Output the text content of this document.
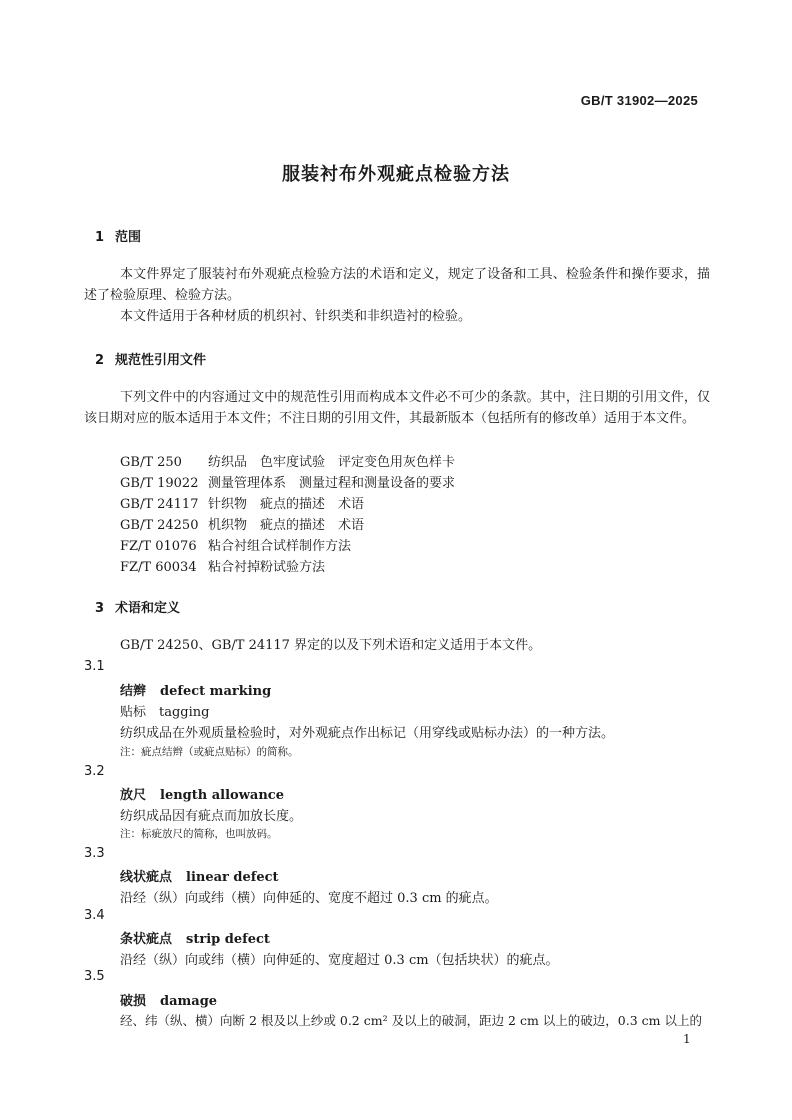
GB/T 31902—2025
服装衬布外观疵点检验方法
1 范围
本文件界定了服装衬布外观疵点检验方法的术语和定义，规定了设备和工具、检验条件和操作要求，描述了检验原理、检验方法。
本文件适用于各种材质的机织衬、针织类和非织造衬的检验。
2 规范性引用文件
下列文件中的内容通过文中的规范性引用而构成本文件必不可少的条款。其中，注日期的引用文件，仅该日期对应的版本适用于本文件；不注日期的引用文件，其最新版本（包括所有的修改单）适用于本文件。
GB/T 250 纺织品　色牢度试验　评定变色用灰色样卡
GB/T 19022 测量管理体系　测量过程和测量设备的要求
GB/T 24117 针织物　疵点的描述　术语
GB/T 24250 机织物　疵点的描述　术语
FZ/T 01076 粘合衬组合试样制作方法
FZ/T 60034 粘合衬掉粉试验方法
3 术语和定义
GB/T 24250、GB/T 24117 界定的以及下列术语和定义适用于本文件。
3.1
结辫 defect marking
贴标　tagging
纺织成品在外观质量检验时，对外观疵点作出标记（用穿线或贴标办法）的一种方法。
注：疵点结辫（或疵点贴标）的简称。
3.2
放尺 length allowance
纺织成品因有疵点而加放长度。
注：标疵放尺的简称，也叫放码。
3.3
线状疵点 linear defect
沿经（纵）向或纬（横）向伸延的、宽度不超过 0.3 cm 的疵点。
3.4
条状疵点 strip defect
沿经（纵）向或纬（横）向伸延的、宽度超过 0.3 cm（包括块状）的疵点。
3.5
破损 damage
经、纬（纵、横）向断 2 根及以上纱或 0.2 cm² 及以上的破洞，距边 2 cm 以上的破边，0.3 cm 以上的
1
